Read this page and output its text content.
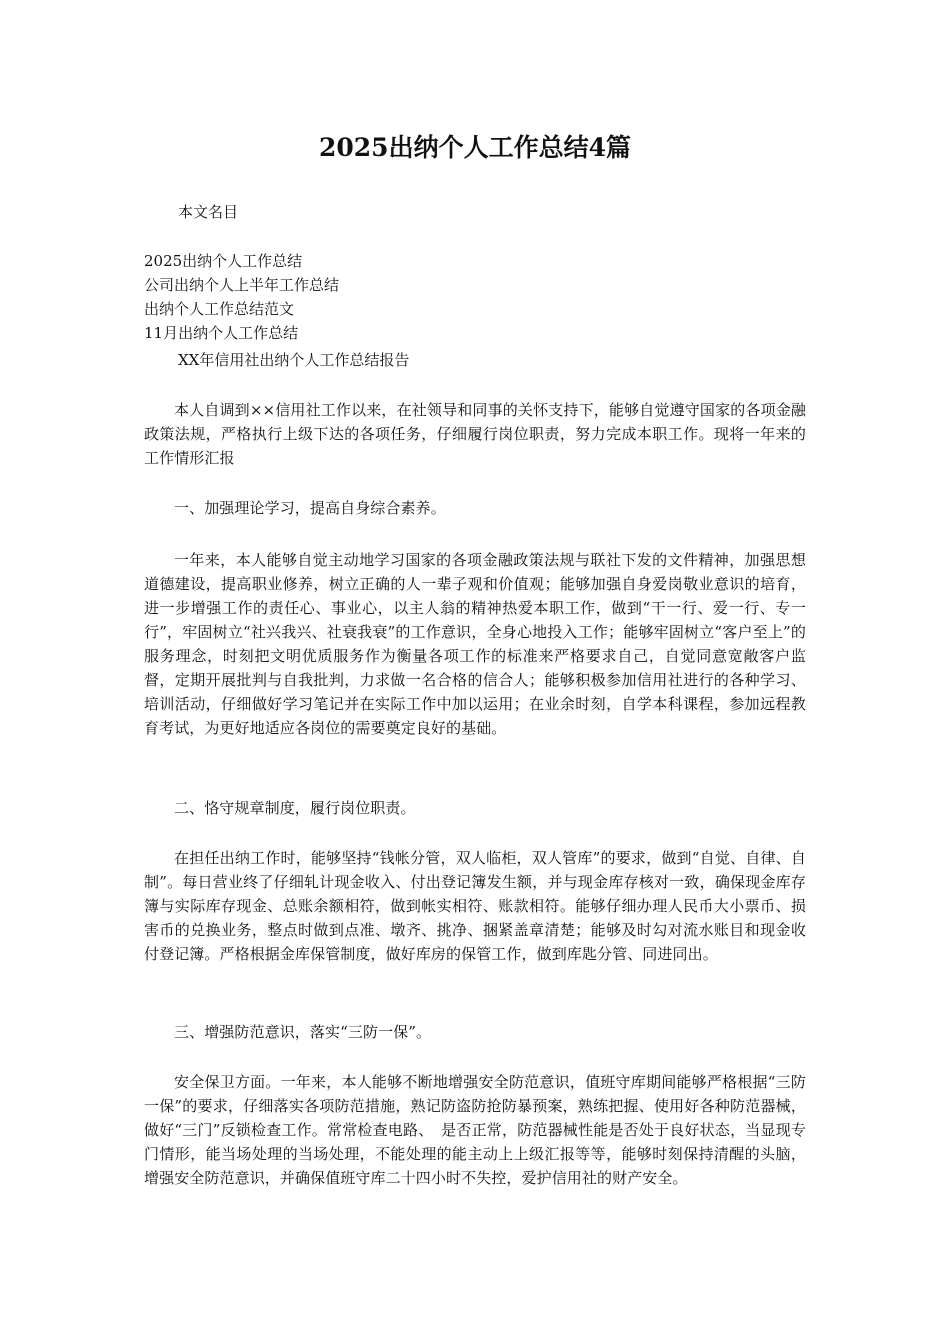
2025出纳个人工作总结4篇

本文名目

2025出纳个人工作总结
公司出纳个人上半年工作总结
出纳个人工作总结范文
11月出纳个人工作总结

XX年信用社出纳个人工作总结报告

本人自调到××信用社工作以来，在社领导和同事的关怀支持下，能够自觉遵守国家的各项金融政策法规，严格执行上级下达的各项任务，仔细履行岗位职责，努力完成本职工作。现将一年来的工作情形汇报

一、加强理论学习，提高自身综合素养。

一年来，本人能够自觉主动地学习国家的各项金融政策法规与联社下发的文件精神，加强思想道德建设，提高职业修养，树立正确的人一辈子观和价值观；能够加强自身爱岗敬业意识的培育，进一步增强工作的责任心、事业心，以主人翁的精神热爱本职工作，做到“干一行、爱一行、专一行”，牢固树立“社兴我兴、社衰我衰”的工作意识，全身心地投入工作；能够牢固树立“客户至上”的服务理念，时刻把文明优质服务作为衡量各项工作的标准来严格要求自己，自觉同意宽敞客户监督，定期开展批判与自我批判，力求做一名合格的信合人；能够积极参加信用社进行的各种学习、培训活动，仔细做好学习笔记并在实际工作中加以运用；在业余时刻，自学本科课程，参加远程教育考试，为更好地适应各岗位的需要奠定良好的基础。

二、恪守规章制度，履行岗位职责。

在担任出纳工作时，能够坚持“钱帐分管，双人临柜，双人管库”的要求，做到“自觉、自律、自制”。每日营业终了仔细轧计现金收入、付出登记簿发生额，并与现金库存核对一致，确保现金库存簿与实际库存现金、总账余额相符，做到帐实相符、账款相符。能够仔细办理人民币大小票币、损害币的兑换业务，整点时做到点准、墩齐、挑净、捆紧盖章清楚；能够及时勾对流水账目和现金收付登记簿。严格根据金库保管制度，做好库房的保管工作，做到库匙分管、同进同出。

三、增强防范意识，落实“三防一保”。

安全保卫方面。一年来，本人能够不断地增强安全防范意识，值班守库期间能够严格根据“三防一保”的要求，仔细落实各项防范措施，熟记防盗防抢防暴预案，熟练把握、使用好各种防范器械，做好“三门”反锁检查工作。常常检查电路、　是否正常，防范器械性能是否处于良好状态，当显现专门情形，能当场处理的当场处理，不能处理的能主动上上级汇报等等，能够时刻保持清醒的头脑，增强安全防范意识，并确保值班守库二十四小时不失控，爱护信用社的财产安全。
